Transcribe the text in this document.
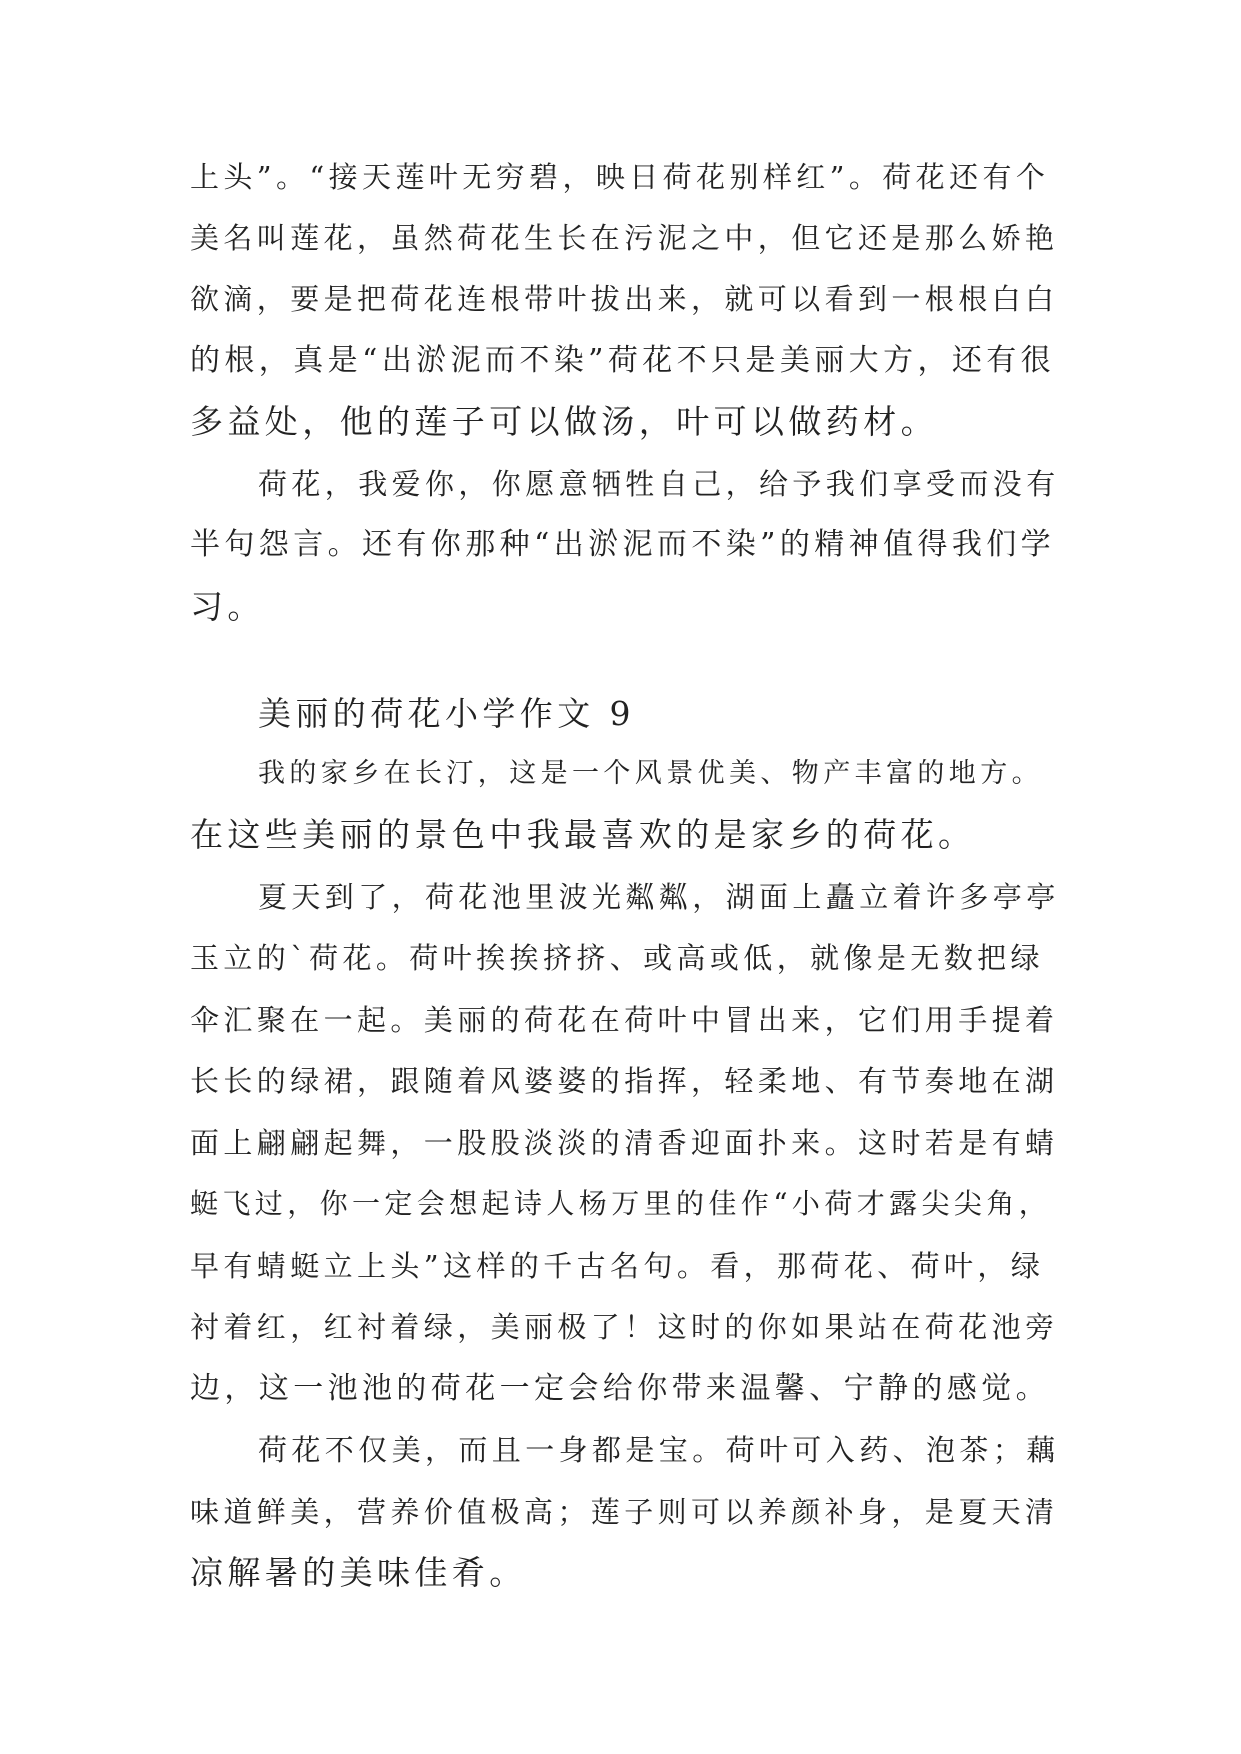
上头”。“接天莲叶无穷碧，映日荷花别样红”。荷花还有个
美名叫莲花，虽然荷花生长在污泥之中，但它还是那么娇艳
欲滴，要是把荷花连根带叶拔出来，就可以看到一根根白白
的根，真是“出淤泥而不染”荷花不只是美丽大方，还有很
多益处，他的莲子可以做汤，叶可以做药材。
荷花，我爱你，你愿意牺牲自己，给予我们享受而没有
半句怨言。还有你那种“出淤泥而不染”的精神值得我们学
习。
美丽的荷花小学作文 9
我的家乡在长汀，这是一个风景优美、物产丰富的地方。
在这些美丽的景色中我最喜欢的是家乡的荷花。
夏天到了，荷花池里波光粼粼，湖面上矗立着许多亭亭
玉立的`荷花。荷叶挨挨挤挤、或高或低，就像是无数把绿
伞汇聚在一起。美丽的荷花在荷叶中冒出来，它们用手提着
长长的绿裙，跟随着风婆婆的指挥，轻柔地、有节奏地在湖
面上翩翩起舞，一股股淡淡的清香迎面扑来。这时若是有蜻
蜓飞过，你一定会想起诗人杨万里的佳作“小荷才露尖尖角，
早有蜻蜓立上头”这样的千古名句。看，那荷花、荷叶，绿
衬着红，红衬着绿，美丽极了！这时的你如果站在荷花池旁
边，这一池池的荷花一定会给你带来温馨、宁静的感觉。
荷花不仅美，而且一身都是宝。荷叶可入药、泡茶；藕
味道鲜美，营养价值极高；莲子则可以养颜补身，是夏天清
凉解暑的美味佳肴。
